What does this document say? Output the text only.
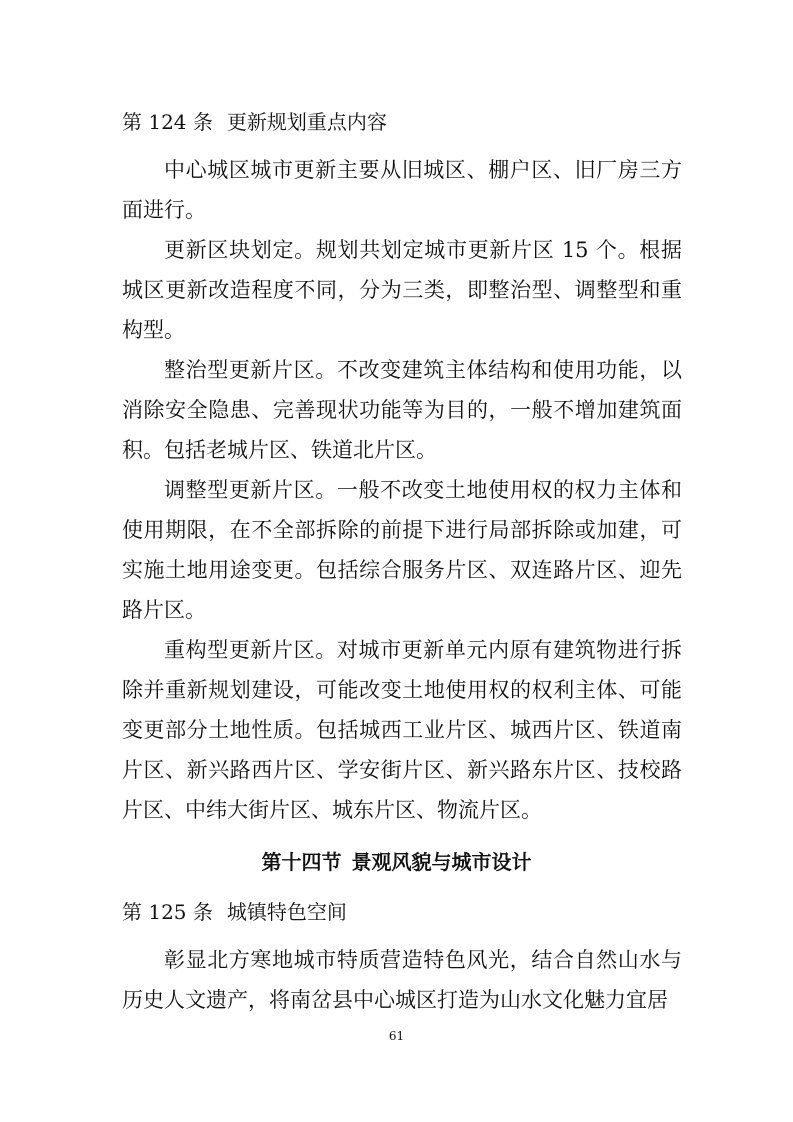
第 124 条 更新规划重点内容

中心城区城市更新主要从旧城区、棚户区、旧厂房三方面进行。

更新区块划定。规划共划定城市更新片区 15 个。根据城区更新改造程度不同，分为三类，即整治型、调整型和重构型。

整治型更新片区。不改变建筑主体结构和使用功能，以消除安全隐患、完善现状功能等为目的，一般不增加建筑面积。包括老城片区、铁道北片区。

调整型更新片区。一般不改变土地使用权的权力主体和使用期限，在不全部拆除的前提下进行局部拆除或加建，可实施土地用途变更。包括综合服务片区、双连路片区、迎先路片区。

重构型更新片区。对城市更新单元内原有建筑物进行拆除并重新规划建设，可能改变土地使用权的权利主体、可能变更部分土地性质。包括城西工业片区、城西片区、铁道南片区、新兴路西片区、学安街片区、新兴路东片区、技校路片区、中纬大街片区、城东片区、物流片区。

第十四节 景观风貌与城市设计
第 125 条 城镇特色空间

彰显北方寒地城市特质营造特色风光，结合自然山水与历史人文遗产，将南岔县中心城区打造为山水文化魅力宜居

61
